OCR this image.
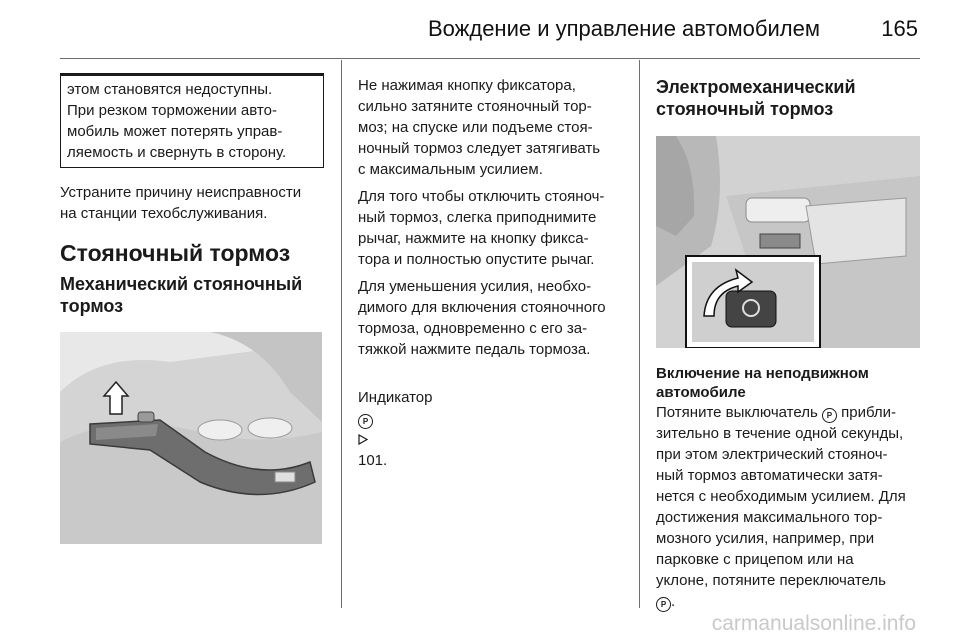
Вождение и управление автомобилем	165
этом становятся недоступны.
При резком торможении авто-
мобиль может потерять управ-
ляемость и свернуть в сторону.

Устраните причину неисправности
на станции техобслуживания.

Стояночный тормоз
Механический стояночный
тормоз

Не нажимая кнопку фиксатора,
сильно затяните стояночный тор-
моз; на спуске или подъеме стоя-
ночный тормоз следует затягивать
с максимальным усилием.

Для того чтобы отключить стояноч-
ный тормоз, слегка приподнимите
рычаг, нажмите на кнопку фикса-
тора и полностью опустите рычаг.

Для уменьшения усилия, необхо-
димого для включения стояночного
тормоза, одновременно с его за-
тяжкой нажмите педаль тормоза.

Индикатор
P

101.

Электромеханический
стояночный тормоз
Включение на неподвижном
автомобиле

Потяните выключатель P прибли-
зительно в течение одной секунды,
при этом электрический стояноч-
ный тормоз автоматически затя-
нется с необходимым усилием. Для
достижения максимального тор-
мозного усилия, например, при
парковке с прицепом или на
уклоне, потяните переключатель
P .

carmanualsonline.info
